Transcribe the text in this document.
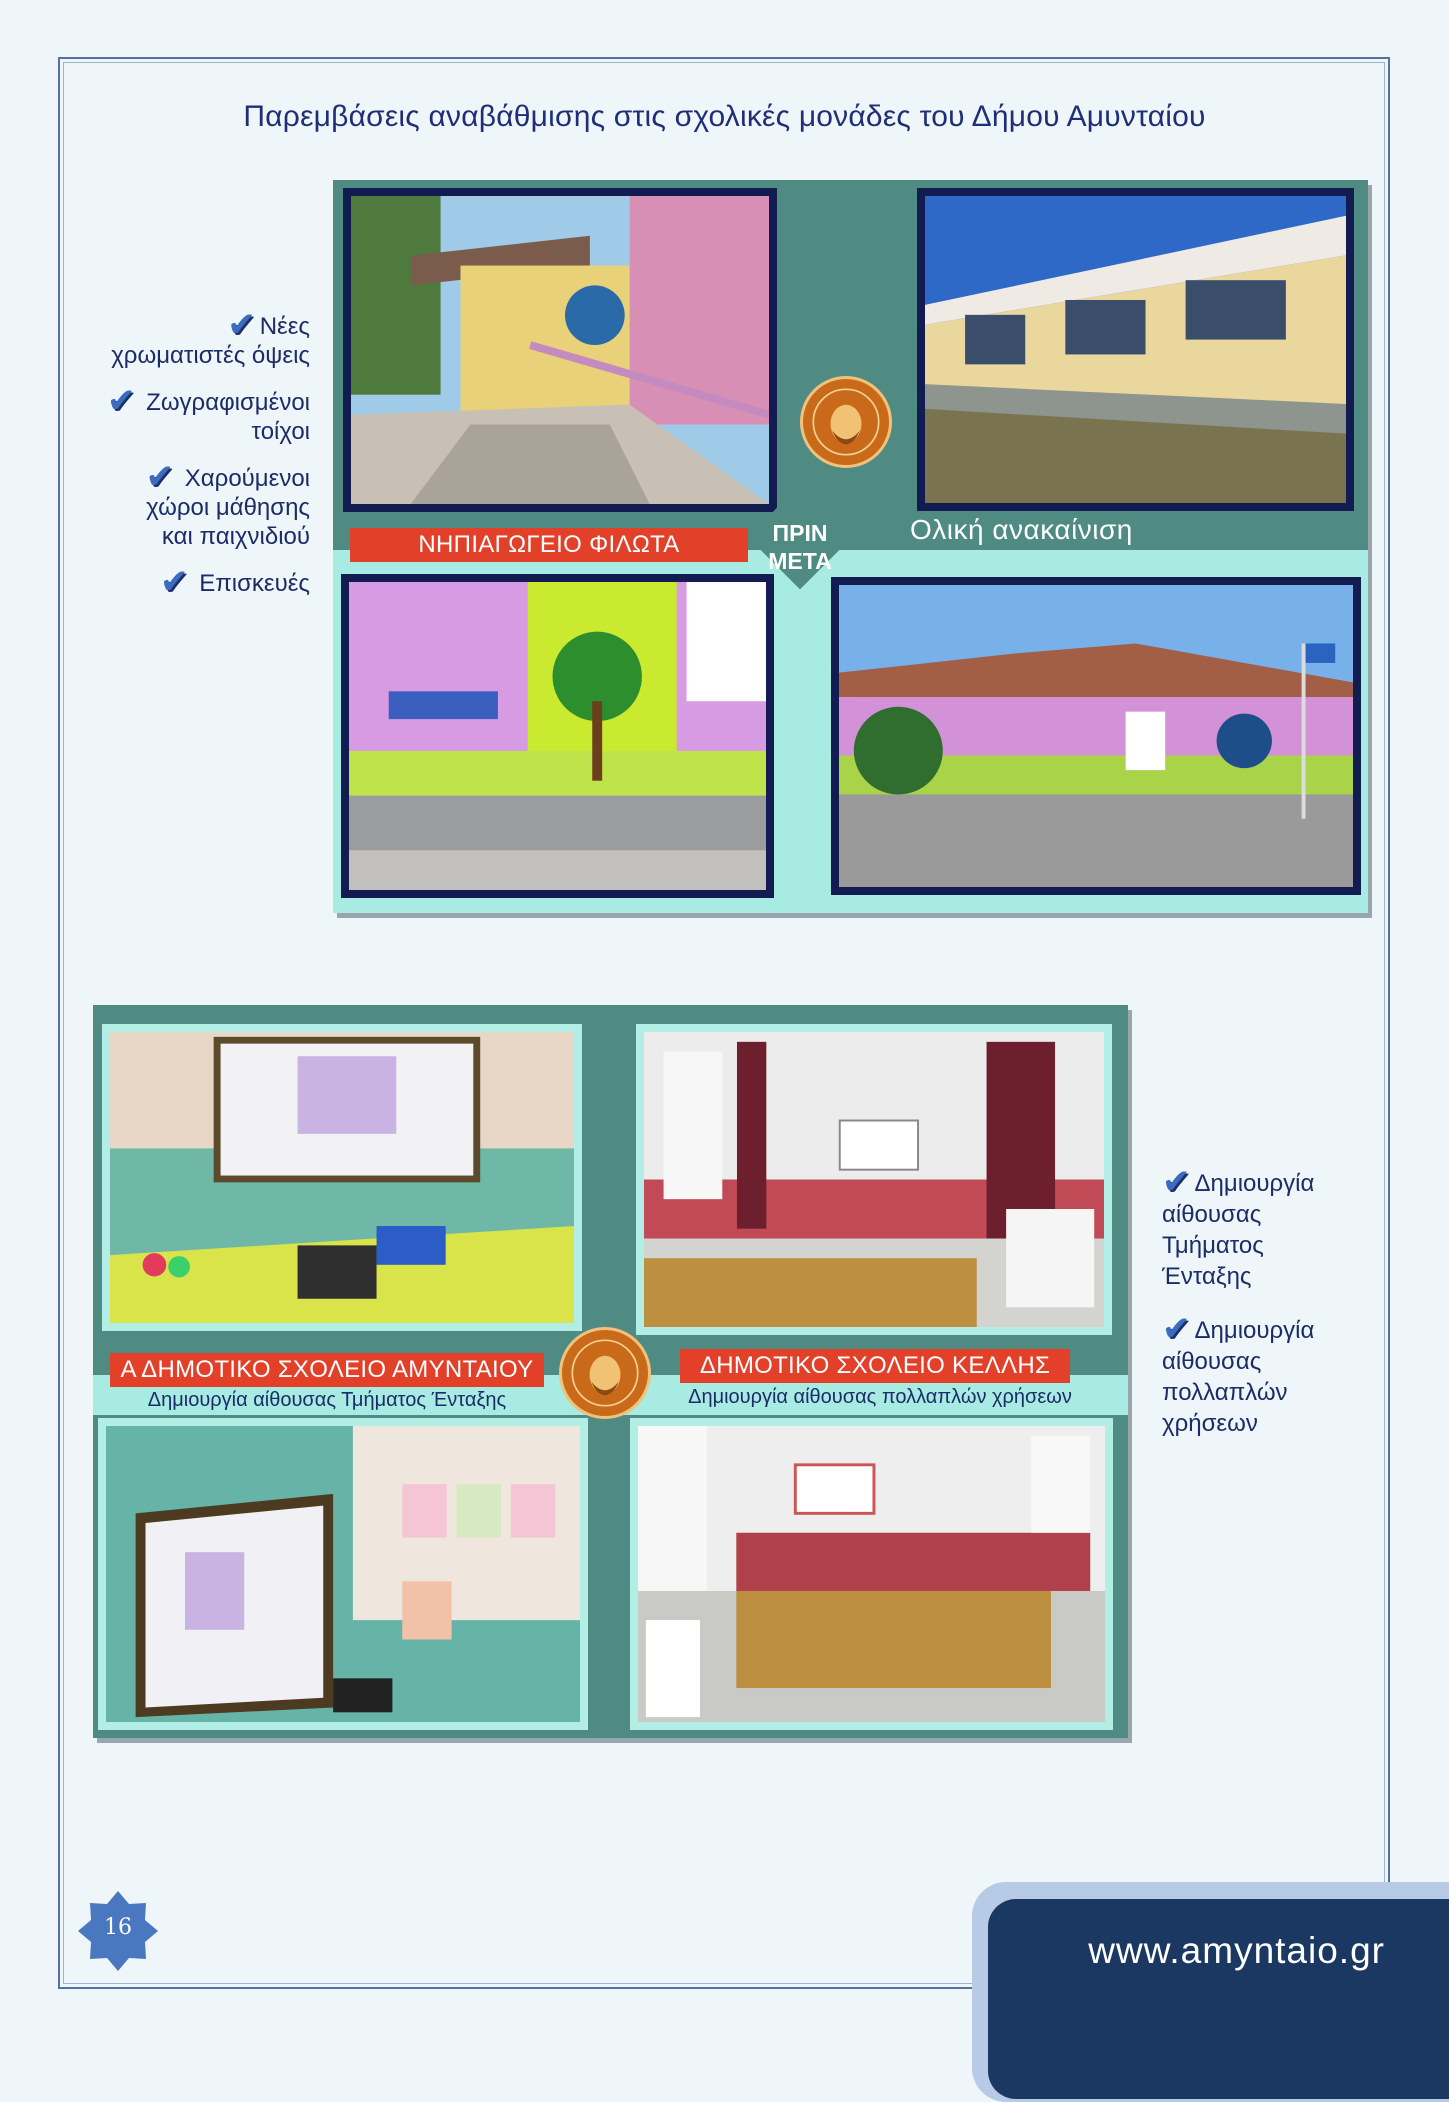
Παρεμβάσεις αναβάθμισης στις σχολικές μονάδες του Δήμου Αμυνταίου
✔ Νέες
χρωματιστές όψεις
✔ Ζωγραφισμένοι
τοίχοι
✔ Χαρούμενοι
χώροι μάθησης
και παιχνιδιού
✔ Επισκευές
ΝΗΠΙΑΓΩΓΕΙΟ ΦΙΛΩΤΑ	Ολική ανακαίνιση
ΠΡΙΝ
ΜΕΤΑ
Α ΔΗΜΟΤΙΚΟ ΣΧΟΛΕΙΟ ΑΜΥΝΤΑΙΟΥ
Δημιουργία αίθουσας Τμήματος Ένταξης
ΔΗΜΟΤΙΚΟ ΣΧΟΛΕΙΟ ΚΕΛΛΗΣ
Δημιουργία αίθουσας πολλαπλών χρήσεων
✔ Δημιουργία
αίθουσας
Τμήματος
Ένταξης
✔ Δημιουργία
αίθουσας
πολλαπλών
χρήσεων
16
www.amyntaio.gr
